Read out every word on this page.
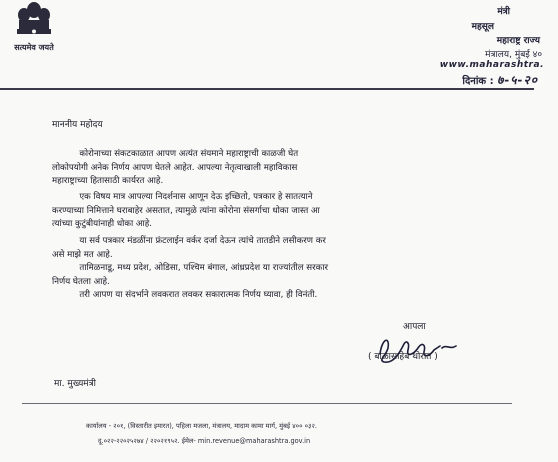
सत्यमेव जयते
मंत्री
महसूल
महाराष्ट्र राज्य
मंत्रालय, मुंबई ४०
www.maharashtra.
दिनांक : ७-५-२०
माननीय महोदय
कोरोनाच्या संकटकाळात आपण अत्यंत संयमाने महाराष्ट्राची काळजी घेत
लोकोपयोगी अनेक निर्णय आपण घेतले आहेत. आपल्या नेतृत्वाखाली महाविकास
महाराष्ट्राच्या हितासाठी कार्यरत आहे.
एक विषय मात्र आपल्या निदर्शनास आणून देऊ इच्छितो, पत्रकार हे सातत्याने
करण्याच्या निमित्ताने घराबाहेर असतात, त्यामुळे त्यांना कोरोना संसर्गाचा धोका जास्त आ
त्यांच्या कुटुंबीयांनाही धोका आहे.
या सर्व पत्रकार मंडळींना फ्रंटलाईन वर्कर दर्जा देऊन त्यांचे तातडीने लसीकरण कर
असे माझे मत आहे.
तामिळनाडू, मध्य प्रदेश, ओडिसा, पश्चिम बंगाल, आंध्रप्रदेश या राज्यांतील सरकार
निर्णय घेतला आहे.
तरी आपण या संदर्भाने लवकरात लवकर सकारात्मक निर्णय घ्यावा, ही विनंती.
आपला
( बाळासाहेब थोरात )
मा. मुख्यमंत्री
कार्यालय - २०१, (विस्तारीत इमारत), पहिला मजला, मंत्रालय, मादाम कामा मार्ग, मुंबई ४०० ०३२.
दू.०२२-२२०२५२७४ / २२०२१९५२. ईमेल- min.revenue@maharashtra.gov.in
